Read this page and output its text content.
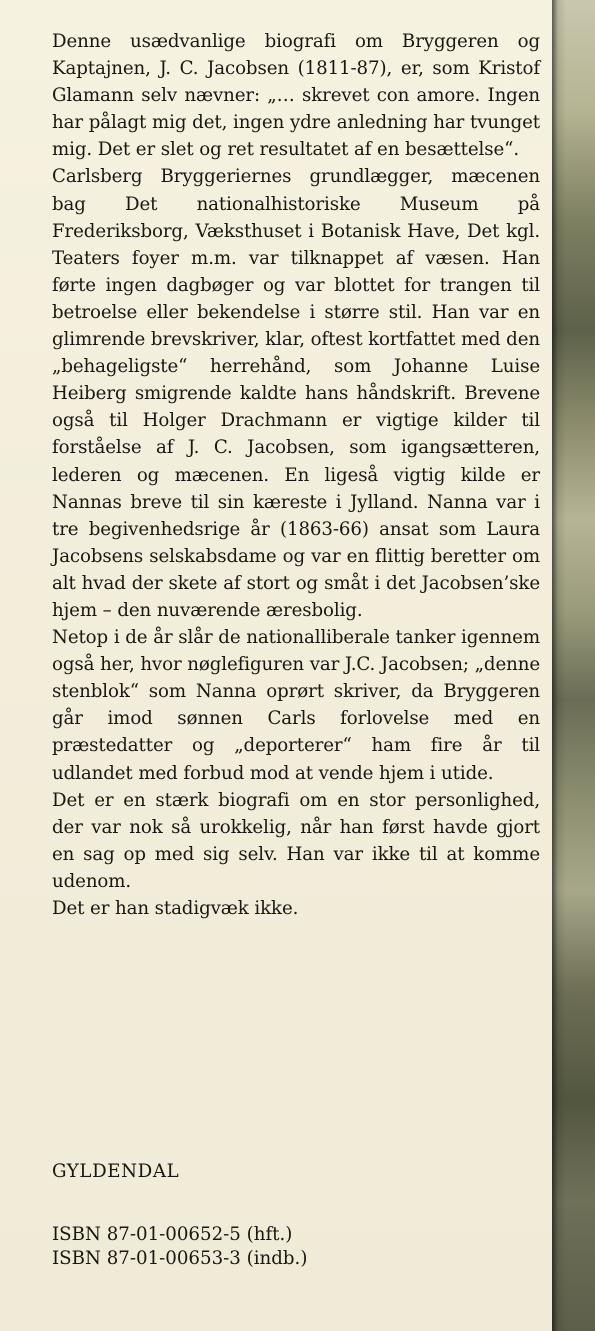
Denne usædvanlige biografi om Bryggeren og Kaptajnen, J. C. Jacobsen (1811-87), er, som Kristof Glamann selv nævner: „… skrevet con amore. Ingen har pålagt mig det, ingen ydre anledning har tvunget mig. Det er slet og ret resultatet af en besættelse“.

Carlsberg Bryggeriernes grundlægger, mæcenen bag Det nationalhistoriske Museum på Frederiksborg, Væksthuset i Botanisk Have, Det kgl. Teaters foyer m.m. var tilknappet af væsen. Han førte ingen dagbøger og var blottet for trangen til betroelse eller bekendelse i større stil. Han var en glimrende brevskriver, klar, oftest kortfattet med den „behageligste“ herrehånd, som Johanne Luise Heiberg smigrende kaldte hans håndskrift. Brevene også til Holger Drachmann er vigtige kilder til forståelse af J. C. Jacobsen, som igangsætteren, lederen og mæcenen. En ligeså vigtig kilde er Nannas breve til sin kæreste i Jylland. Nanna var i tre begivenhedsrige år (1863-66) ansat som Laura Jacobsens selskabsdame og var en flittig beretter om alt hvad der skete af stort og småt i det Jacobsen’ske hjem – den nuværende æresbolig.

Netop i de år slår de nationalliberale tanker igennem også her, hvor nøglefiguren var J.C. Jacobsen; „denne stenblok“ som Nanna oprørt skriver, da Bryggeren går imod sønnen Carls forlovelse med en præstedatter og „deporterer“ ham fire år til udlandet med forbud mod at vende hjem i utide.

Det er en stærk biografi om en stor personlighed, der var nok så urokkelig, når han først havde gjort en sag op med sig selv. Han var ikke til at komme udenom.

Det er han stadigvæk ikke.

GYLDENDAL
ISBN 87-01-00652-5 (hft.)
ISBN 87-01-00653-3 (indb.)
